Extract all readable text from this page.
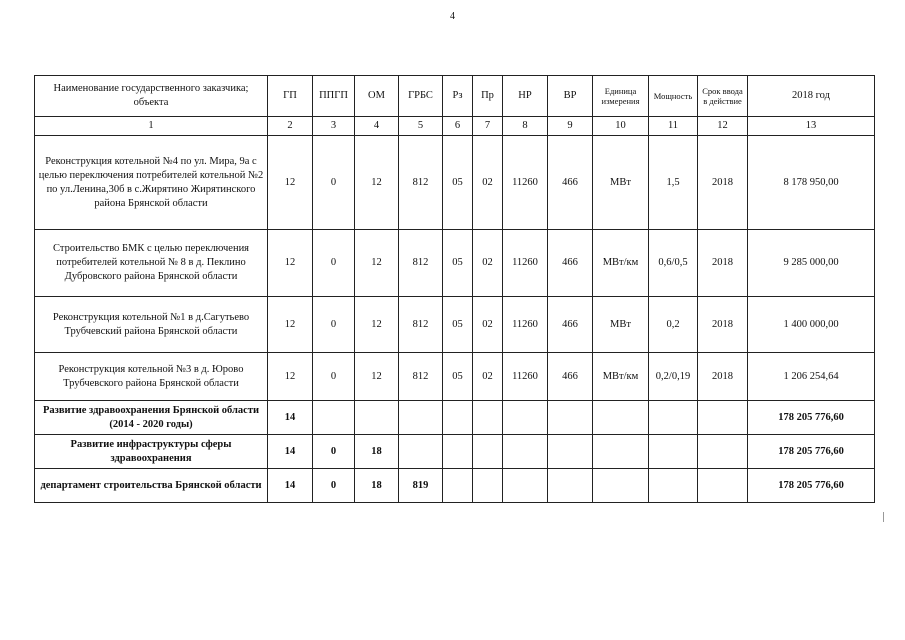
4
Наименование государственного заказчика; объекта	ГП	ППГП	ОМ	ГРБС	Рз	Пр	НР	ВР	Единица измерения	Мощность	Срок ввода в действие	2018 год
1	2	3	4	5	6	7	8	9	10	11	12	13
Реконструкция котельной №4 по ул. Мира, 9а с целью переключения потребителей котельной №2 по ул.Ленина,30б в с.Жирятино Жирятинского района Брянской области	12	0	12	812	05	02	11260	466	МВт	1,5	2018	8 178 950,00
Строительство БМК с целью переключения потребителей котельной № 8 в д. Пеклино Дубровского района Брянской области	12	0	12	812	05	02	11260	466	МВт/км	0,6/0,5	2018	9 285 000,00
Реконструкция котельной №1 в д.Сагутьево Трубчевский района Брянской области	12	0	12	812	05	02	11260	466	МВт	0,2	2018	1 400 000,00
Реконструкция котельной №3 в д. Юрово Трубчевского района Брянской области	12	0	12	812	05	02	11260	466	МВт/км	0,2/0,19	2018	1 206 254,64
Развитие здравоохранения Брянской области (2014 - 2020 годы)	14											178 205 776,60
Развитие инфраструктуры сферы здравоохранения	14	0	18									178 205 776,60
департамент строительства Брянской области	14	0	18	819								178 205 776,60
